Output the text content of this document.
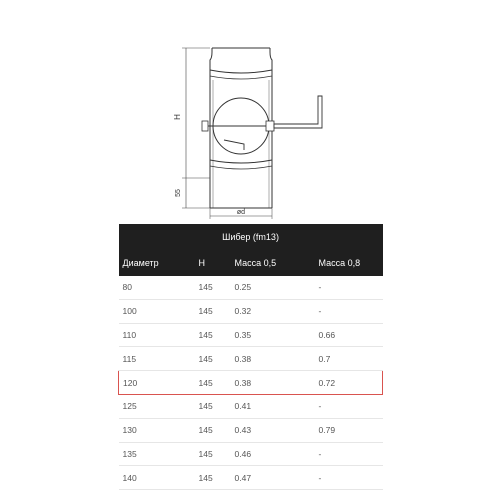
H
55
ød
Шибер (fm13)			
Диаметр	H	Масса 0,5	Масса 0,8
80	145	0.25	-
100	145	0.32	-
110	145	0.35	0.66
115	145	0.38	0.7
120	145	0.38	0.72
125	145	0.41	-
130	145	0.43	0.79
135	145	0.46	-
140	145	0.47	-
